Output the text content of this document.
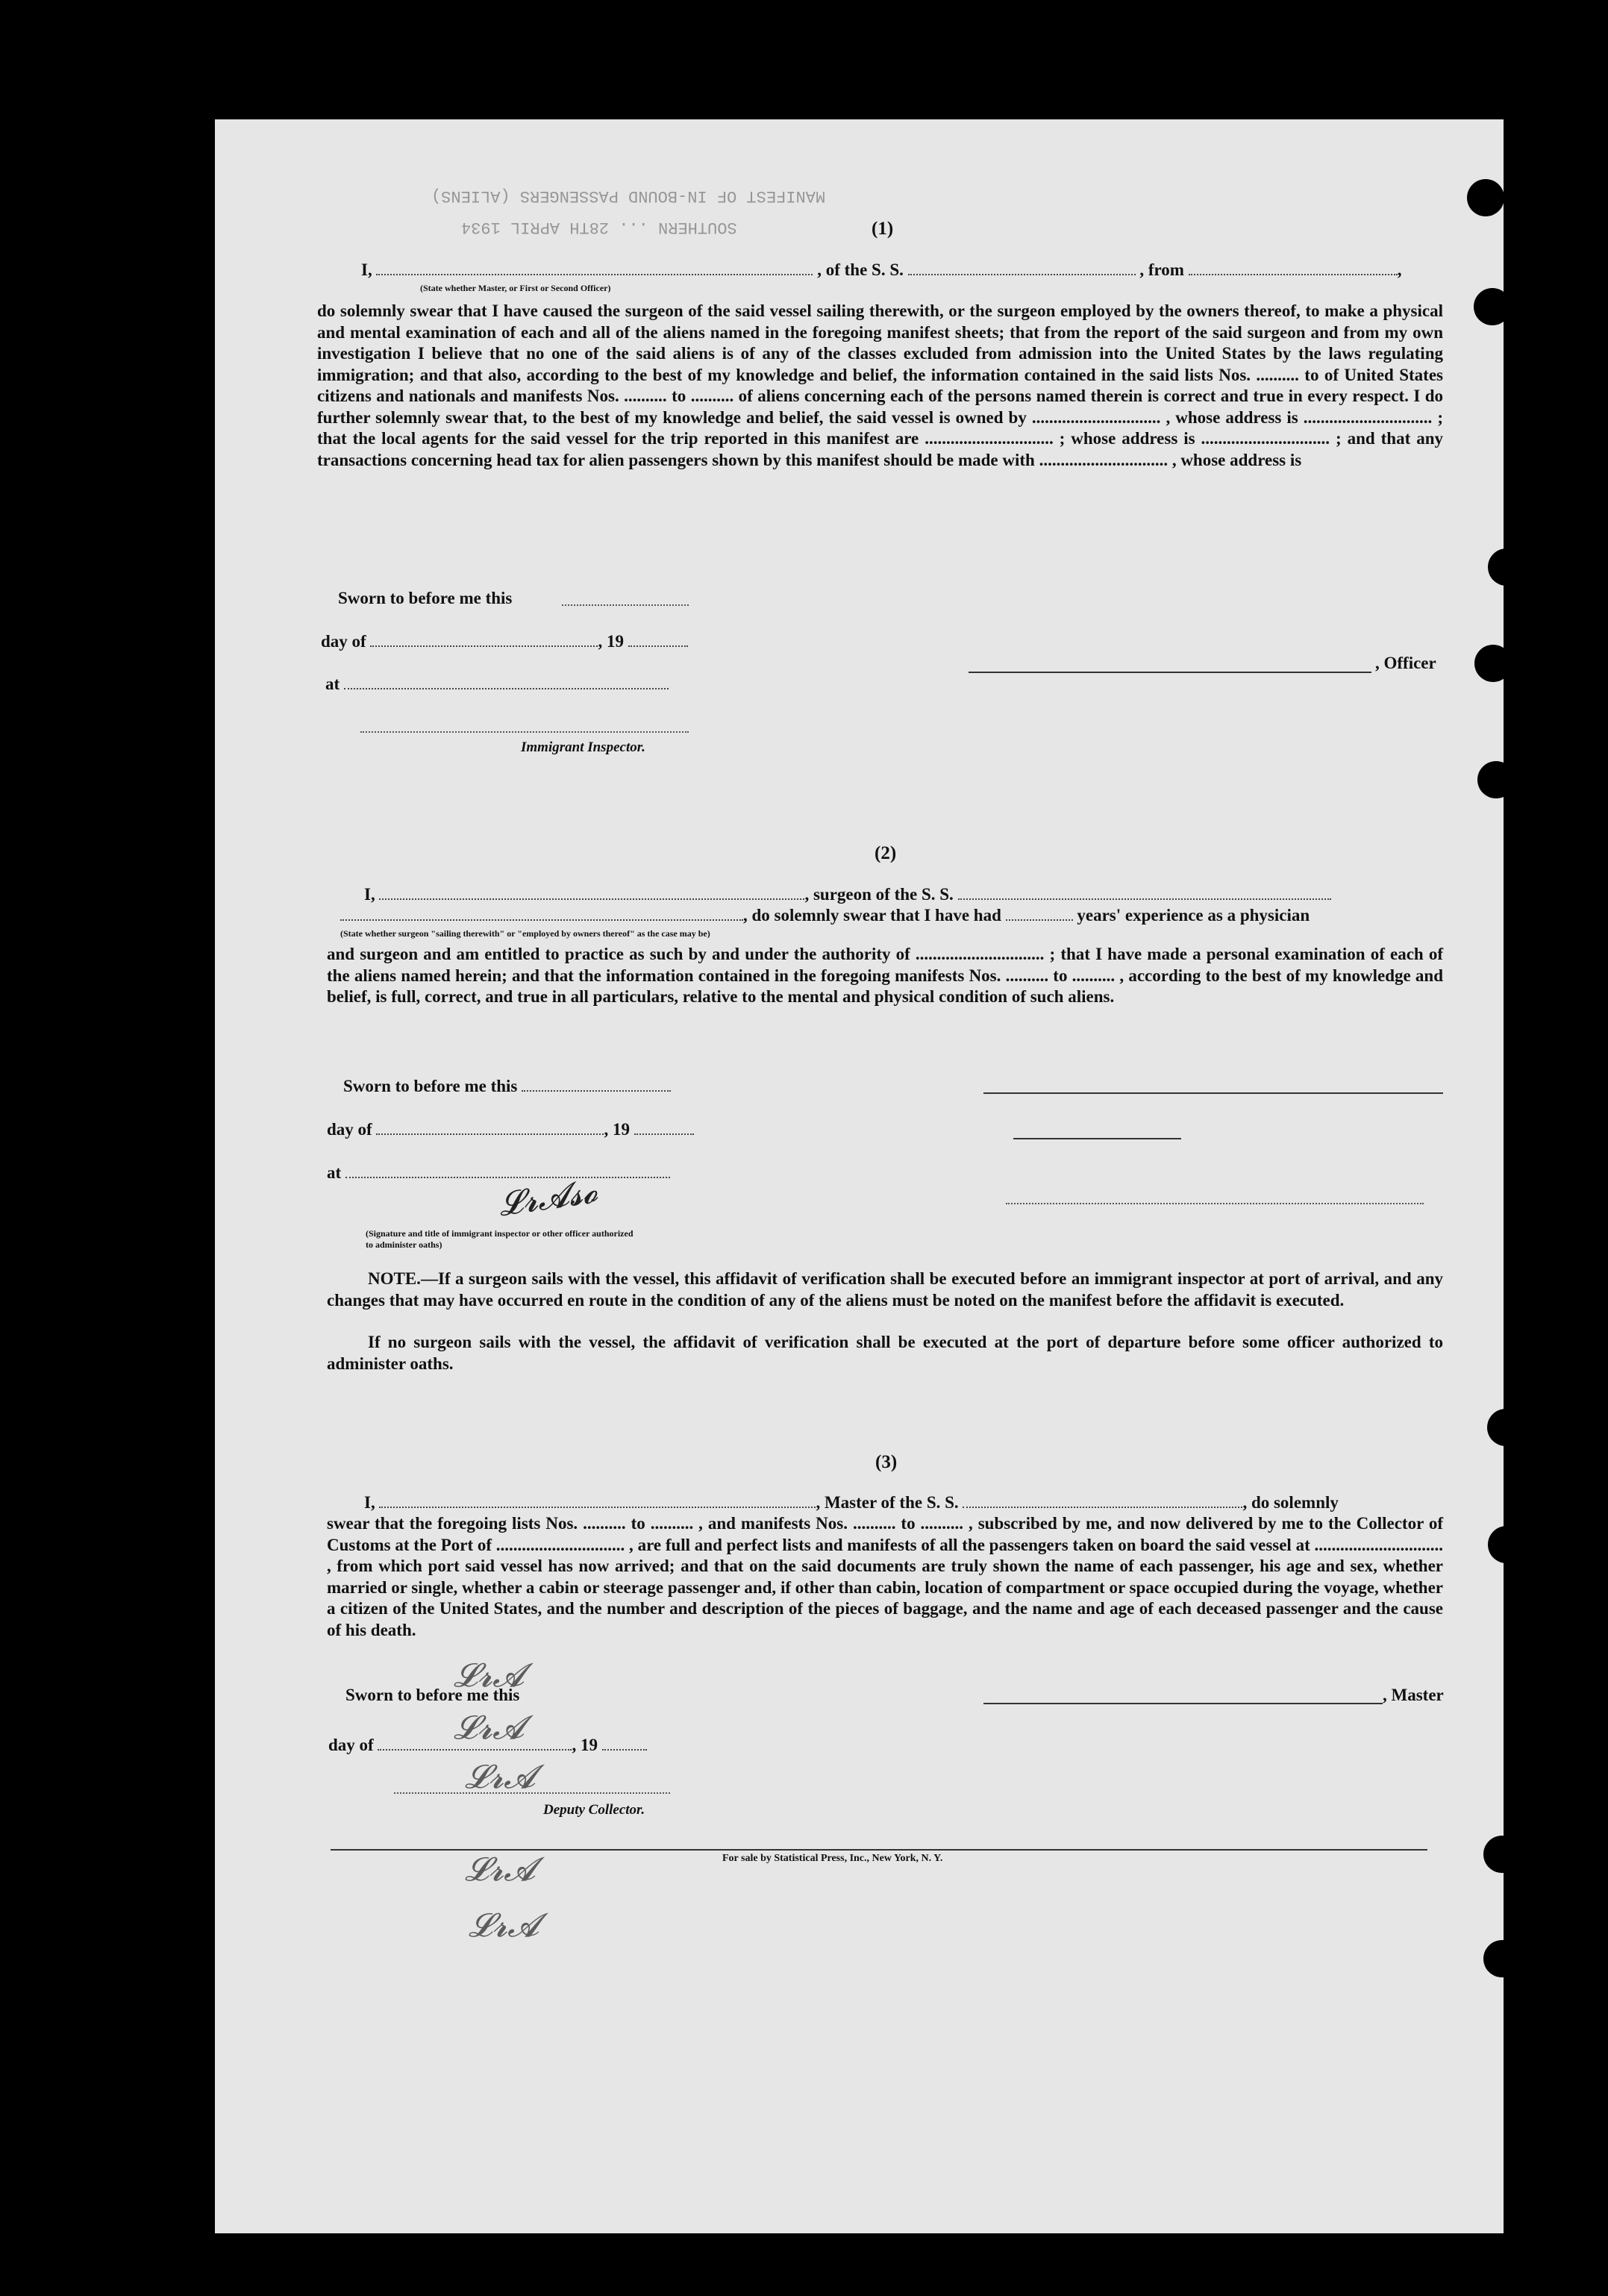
MANIFEST OF IN-BOUND PASSENGERS (ALIENS)
SOUTHERN ... 28TH APRIL 1934	(1)
I,	, of the S. S.	, from	,
(State whether Master, or First or Second Officer)
do solemnly swear that I have caused the surgeon of the said vessel sailing therewith, or the surgeon employed by the owners thereof, to make a physical and mental examination of each and all of the aliens named in the foregoing manifest sheets; that from the report of the said surgeon and from my own investigation I believe that no one of the said aliens is of any of the classes excluded from admission into the United States by the laws regulating immigration; and that also, according to the best of my knowledge and belief, the information contained in the said lists Nos. .......... to of United States citizens and nationals and manifests Nos. .......... to .......... of aliens concerning each of the persons named therein is correct and true in every respect. I do further solemnly swear that, to the best of my knowledge and belief, the said vessel is owned by .............................. , whose address is .............................. ; that the local agents for the said vessel for the trip reported in this manifest are .............................. ; whose address is .............................. ; and that any transactions concerning head tax for alien passengers shown by this manifest should be made with .............................. , whose address is
Sworn to before me this
day of	, 19
, Officer
at
Immigrant Inspector.
(2)
I,	, surgeon of the S. S.
, do solemnly swear that I have had	years' experience as a physician
(State whether surgeon "sailing therewith" or "employed by owners thereof" as the case may be)
and surgeon and am entitled to practice as such by and under the authority of .............................. ; that I have made a personal examination of each of the aliens named herein; and that the information contained in the foregoing manifests Nos. .......... to .......... , according to the best of my knowledge and belief, is full, correct, and true in all particulars, relative to the mental and physical condition of such aliens.
Sworn to before me this
day of	, 19
at
(Signature and title of immigrant inspector or other officer authorized to administer oaths)
𝓛𝓻𝓐𝓼𝓸
NOTE.—If a surgeon sails with the vessel, this affidavit of verification shall be executed before an immigrant inspector at port of arrival, and any changes that may have occurred en route in the condition of any of the aliens must be noted on the manifest before the affidavit is executed.
If no surgeon sails with the vessel, the affidavit of verification shall be executed at the port of departure before some officer authorized to administer oaths.
(3)
I,	, Master of the S. S.	, do solemnly
swear that the foregoing lists Nos. .......... to .......... , and manifests Nos. .......... to .......... , subscribed by me, and now delivered by me to the Collector of Customs at the Port of .............................. , are full and perfect lists and manifests of all the passengers taken on board the said vessel at .............................. , from which port said vessel has now arrived; and that on the said documents are truly shown the name of each passenger, his age and sex, whether married or single, whether a cabin or steerage passenger and, if other than cabin, location of compartment or space occupied during the voyage, whether a citizen of the United States, and the number and description of the pieces of baggage, and the name and age of each deceased passenger and the cause of his death.
Sworn to before me this	, Master
day of	, 19
Deputy Collector.
For sale by Statistical Press, Inc., New York, N. Y.
𝓛𝓻𝓐
𝓛𝓻𝓐
𝓛𝓻𝓐
𝓛𝓻𝓐
𝓛𝓻𝓐
